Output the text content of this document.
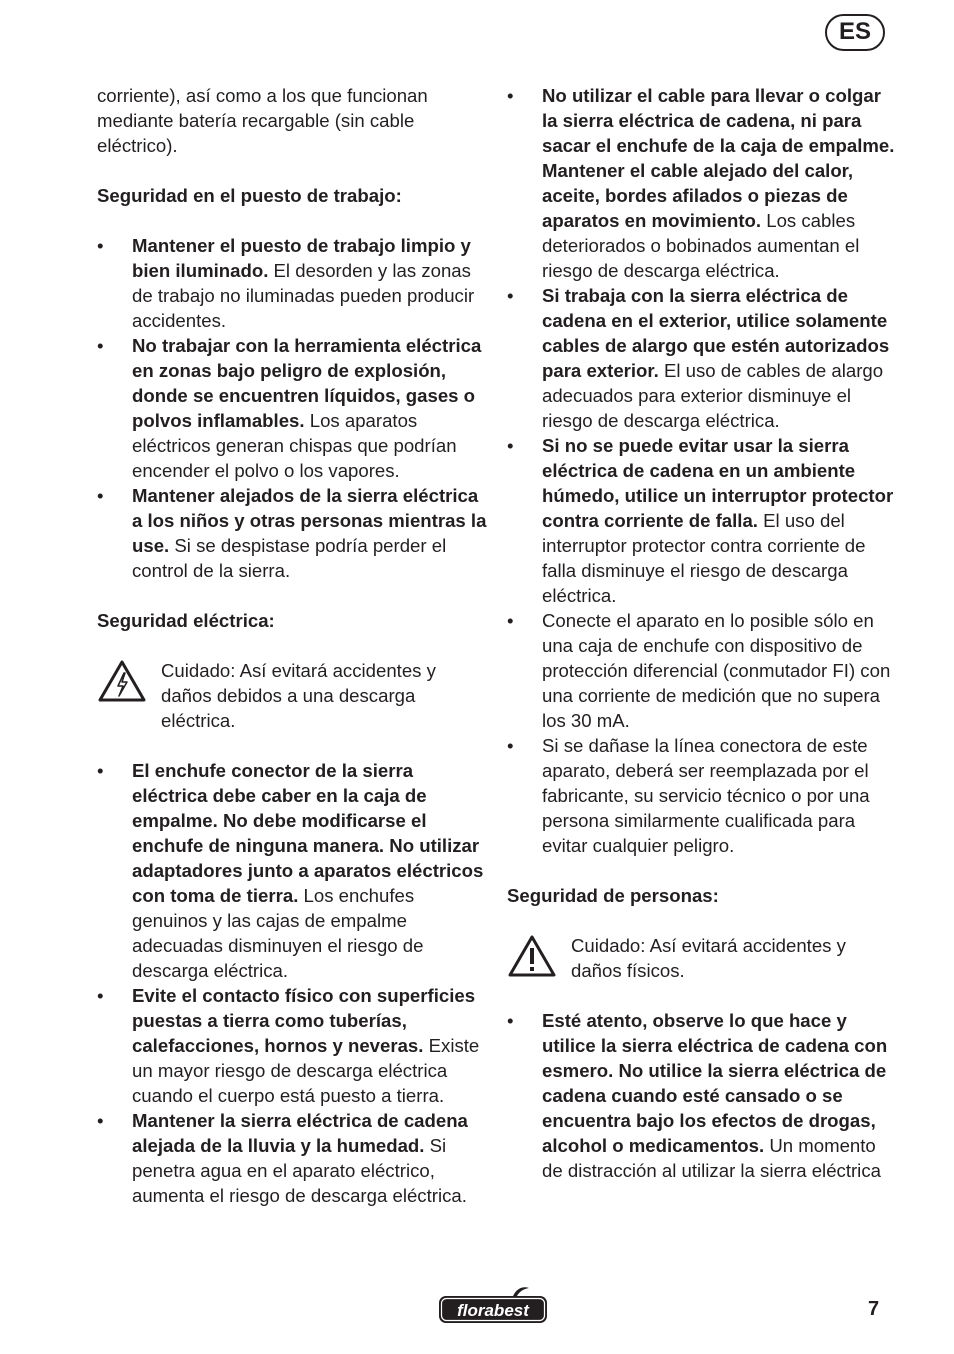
ES

corriente), así como a los que funcionan mediante batería recargable (sin cable eléctrico).

Seguridad en el puesto de trabajo:

• Mantener el puesto de trabajo limpio y bien iluminado. El desorden y las zonas de trabajo no iluminadas pueden producir accidentes.
• No trabajar con la herramienta eléctrica en zonas bajo peligro de explosión, donde se encuentren líquidos, gases o polvos inflamables. Los aparatos eléctricos generan chispas que podrían encender el polvo o los vapores.
• Mantener alejados de la sierra eléctrica a los niños y otras personas mientras la use. Si se despistase podría perder el control de la sierra.

Seguridad eléctrica:

Cuidado: Así evitará accidentes y daños debidos a una descarga eléctrica.
• El enchufe conector de la sierra eléctrica debe caber en la caja de empalme. No debe modificarse el enchufe de ninguna manera. No utilizar adaptadores junto a aparatos eléctricos con toma de tierra. Los enchufes genuinos y las cajas de empalme adecuadas disminuyen el riesgo de descarga eléctrica.
• Evite el contacto físico con superficies puestas a tierra como tuberías, calefacciones, hornos y neveras. Existe un mayor riesgo de descarga eléctrica cuando el cuerpo está puesto a tierra.
• Mantener la sierra eléctrica de cadena alejada de la lluvia y la humedad. Si penetra agua en el aparato eléctrico, aumenta el riesgo de descarga eléctrica.
• No utilizar el cable para llevar o colgar la sierra eléctrica de cadena, ni para sacar el enchufe de la caja de empalme. Mantener el cable alejado del calor, aceite, bordes afilados o piezas de aparatos en movimiento. Los cables deteriorados o bobinados aumentan el riesgo de descarga eléctrica.
• Si trabaja con la sierra eléctrica de cadena en el exterior, utilice solamente cables de alargo que estén autorizados para exterior. El uso de cables de alargo adecuados para exterior disminuye el riesgo de descarga eléctrica.
• Si no se puede evitar usar la sierra eléctrica de cadena en un ambiente húmedo, utilice un interruptor protector contra corriente de falla. El uso del interruptor protector contra corriente de falla disminuye el riesgo de descarga eléctrica.
• Conecte el aparato en lo posible sólo en una caja de enchufe con dispositivo de protección diferencial (conmutador FI) con una corriente de medición que no supera los 30 mA.
• Si se dañase la línea conectora de este aparato, deberá ser reemplazada por el fabricante, su servicio técnico o por una persona similarmente cualificada para evitar cualquier peligro.

Seguridad de personas:

Cuidado: Así evitará accidentes y daños físicos.
• Esté atento, observe lo que hace y utilice la sierra eléctrica de cadena con esmero. No utilice la sierra eléctrica de cadena cuando esté cansado o se encuentra bajo los efectos de drogas, alcohol o medicamentos. Un momento de distracción al utilizar la sierra eléctrica
florabest	7
